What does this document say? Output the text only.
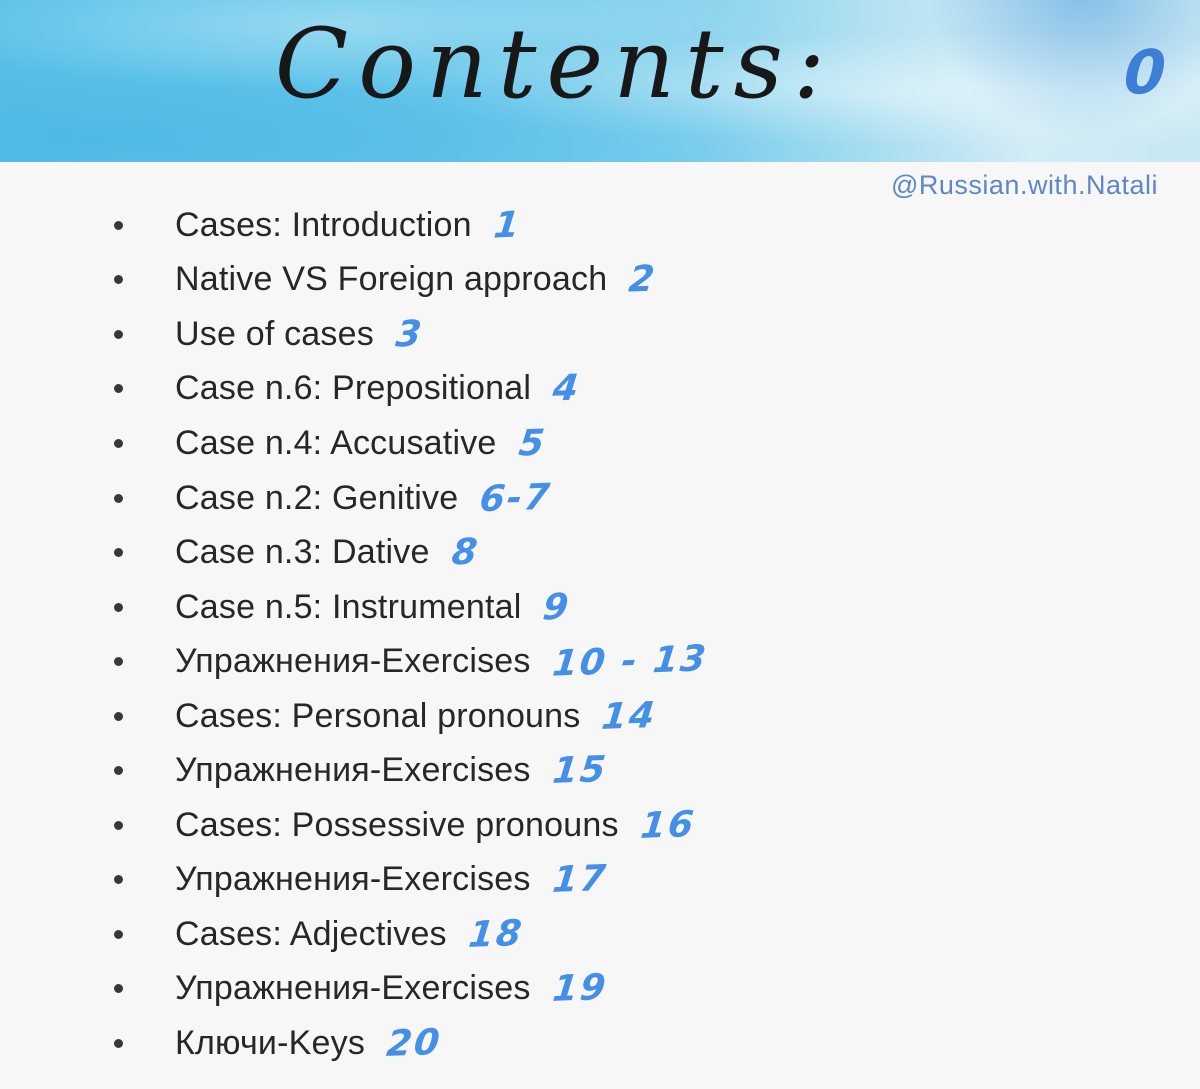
Contents:	0
@Russian.with.Natali
Cases: Introduction 1
Native VS Foreign approach 2
Use of cases 3
Case n.6: Prepositional 4
Case n.4: Accusative 5
Case n.2: Genitive 6-7
Case n.3: Dative 8
Case n.5: Instrumental 9
Упражнения-Exercises 10 - 13
Cases: Personal pronouns 14
Упражнения-Exercises 15
Cases: Possessive pronouns 16
Упражнения-Exercises 17
Cases: Adjectives 18
Упражнения-Exercises 19
Ключи-Keys 20
